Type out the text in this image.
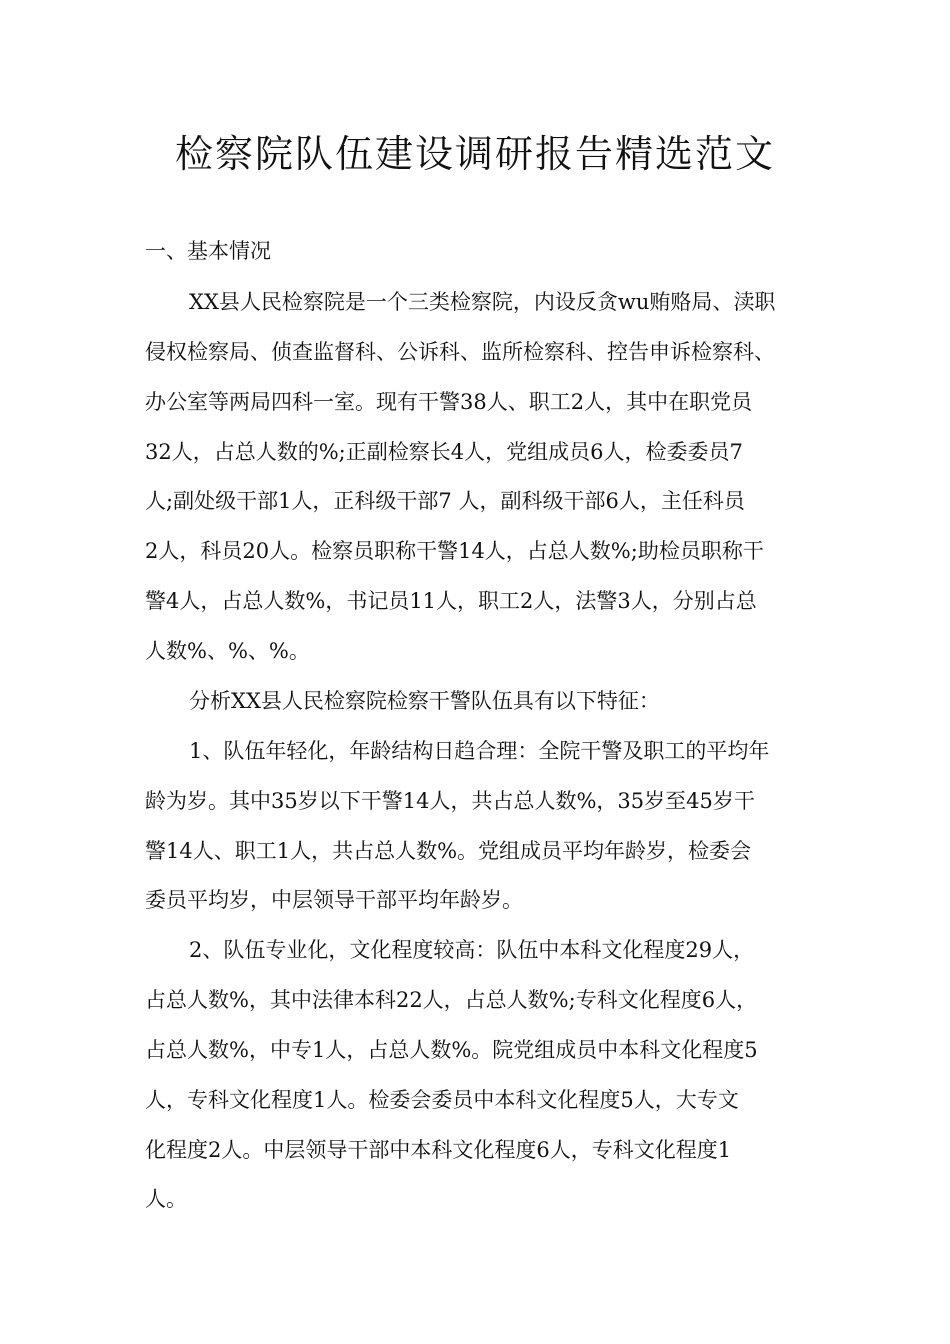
检察院队伍建设调研报告精选范文
一、基本情况
XX县人民检察院是一个三类检察院，内设反贪wu贿赂局、渎职
侵权检察局、侦查监督科、公诉科、监所检察科、控告申诉检察科、
办公室等两局四科一室。现有干警38人、职工2人，其中在职党员
32人，占总人数的%;正副检察长4人，党组成员6人，检委委员7
人;副处级干部1人，正科级干部7 人，副科级干部6人，主任科员
2人，科员20人。检察员职称干警14人，占总人数%;助检员职称干
警4人，占总人数%，书记员11人，职工2人，法警3人，分别占总
人数%、%、%。
分析XX县人民检察院检察干警队伍具有以下特征：
1、队伍年轻化，年龄结构日趋合理：全院干警及职工的平均年
龄为岁。其中35岁以下干警14人，共占总人数%，35岁至45岁干
警14人、职工1人，共占总人数%。党组成员平均年龄岁，检委会
委员平均岁，中层领导干部平均年龄岁。
2、队伍专业化，文化程度较高：队伍中本科文化程度29人，
占总人数%，其中法律本科22人，占总人数%;专科文化程度6人，
占总人数%，中专1人，占总人数%。院党组成员中本科文化程度5
人，专科文化程度1人。检委会委员中本科文化程度5人，大专文
化程度2人。中层领导干部中本科文化程度6人，专科文化程度1
人。
